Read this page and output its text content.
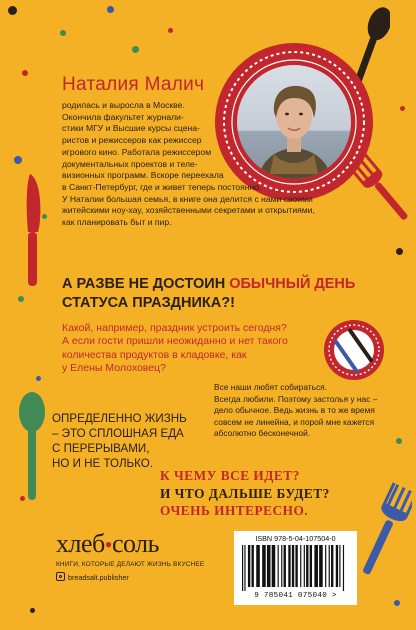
Наталия Малич

родилась и выросла в Москве.
Окончила факультет журнали-
стики МГУ и Высшие курсы сцена-
ристов и режиссеров как режиссер
игрового кино. Работала режиссером
документальных проектов и теле-
визионных программ. Вскоре переехала
в Санкт-Петербург, где и живет теперь постоянно.
У Наталии большая семья, в книге она делится с нами своими
житейскими ноу-хау, хозяйственными секретами и открытиями,
как планировать быт и пир.

А РАЗВЕ НЕ ДОСТОИН ОБЫЧНЫЙ ДЕНЬ
СТАТУСА ПРАЗДНИКА?!

Какой, например, праздник устроить сегодня?
А если гости пришли неожиданно и нет такого
количества продуктов в кладовке, как
у Елены Молоховец?

Все наши любят собираться.
Всегда любили. Поэтому застолья у нас –
дело обычное. Ведь жизнь в то же время
совсем не линейна, и порой мне кажется
абсолютно бесконечной.

ОПРЕДЕЛЕННО ЖИЗНЬ
– ЭТО СПЛОШНАЯ ЕДА
С ПЕРЕРЫВАМИ,
НО И НЕ ТОЛЬКО.

К ЧЕМУ ВСЕ ИДЕТ?
И ЧТО ДАЛЬШЕ БУДЕТ?
ОЧЕНЬ ИНТЕРЕСНО.

хлеб•соль
КНИГИ, КОТОРЫЕ ДЕЛАЮТ ЖИЗНЬ ВКУСНЕЕ
breadsalt.publisher
ISBN 978-5-04-107504-0
9 785041 075040 >
